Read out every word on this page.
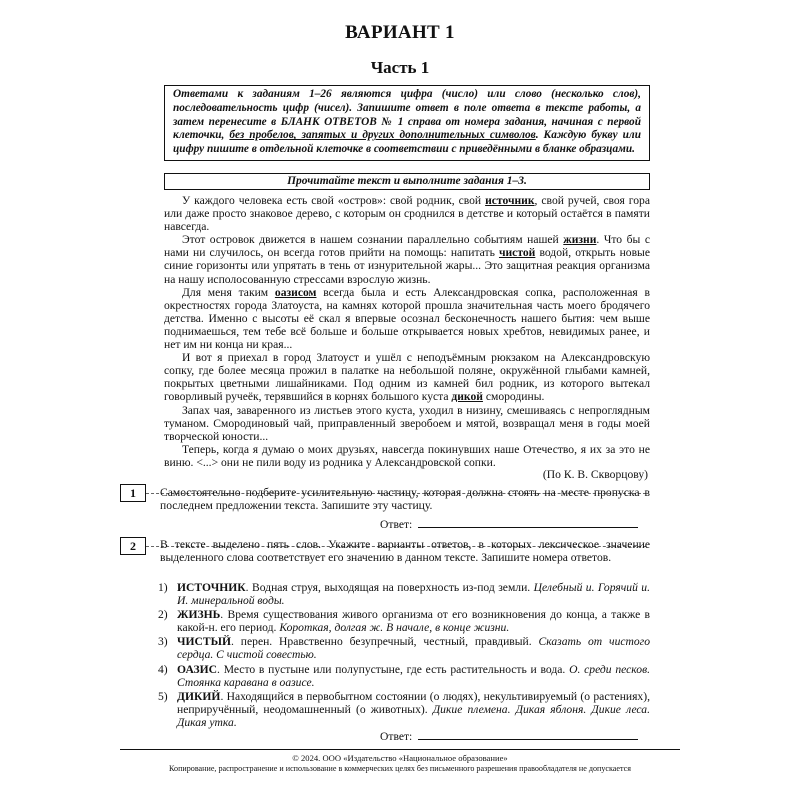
ВАРИАНТ 1
Часть 1
Ответами к заданиям 1–26 являются цифра (число) или слово (несколько слов), последовательность цифр (чисел). Запишите ответ в поле ответа в тексте работы, а затем перенесите в БЛАНК ОТВЕТОВ № 1 справа от номера задания, начиная с первой клеточки, без пробелов, запятых и других дополнительных символов. Каждую букву или цифру пишите в отдельной клеточке в соответствии с приведёнными в бланке образцами.
Прочитайте текст и выполните задания 1–3.

У каждого человека есть свой «остров»: свой родник, свой источник, свой ручей, своя гора или даже просто знаковое дерево, с которым он сроднился в детстве и который остаётся в памяти навсегда.

Этот островок движется в нашем сознании параллельно событиям нашей жизни. Что бы с нами ни случилось, он всегда готов прийти на помощь: напитать чистой водой, открыть новые синие горизонты или упрятать в тень от изнурительной жары... Это защитная реакция организма на нашу исполосованную стрессами взрослую жизнь.

Для меня таким оазисом всегда была и есть Александровская сопка, расположенная в окрестностях города Златоуста, на камнях которой прошла значительная часть моего бродячего детства. Именно с высоты её скал я впервые осознал бесконечность нашего бытия: чем выше поднимаешься, тем тебе всё больше и больше открывается новых хребтов, невидимых ранее, и нет им ни конца ни края...

И вот я приехал в город Златоуст и ушёл с неподъёмным рюкзаком на Александровскую сопку, где более месяца прожил в палатке на небольшой поляне, окружённой глыбами камней, покрытых цветными лишайниками. Под одним из камней бил родник, из которого вытекал говорливый ручеёк, терявшийся в корнях большого куста дикой смородины.

Запах чая, заваренного из листьев этого куста, уходил в низину, смешиваясь с непроглядным туманом. Смородиновый чай, приправленный зверобоем и мятой, возвращал меня в годы моей творческой юности...

Теперь, когда я думаю о моих друзьях, навсегда покинувших наше Отечество, я их за это не виню. <...> они не пили воду из родника у Александровской сопки.

(По К. В. Скворцову)
1	Самостоятельно подберите усилительную частицу, которая должна стоять на месте пропуска в последнем предложении текста. Запишите эту частицу.
Ответ:
2	В тексте выделено пять слов. Укажите варианты ответов, в которых лексическое значение выделенного слова соответствует его значению в данном тексте. Запишите номера ответов.
1) ИСТОЧНИК. Водная струя, выходящая на поверхность из-под земли. Целебный и. Горячий и. И. минеральной воды.
2) ЖИЗНЬ. Время существования живого организма от его возникновения до конца, а также в какой-н. его период. Короткая, долгая ж. В начале, в конце жизни.
3) ЧИСТЫЙ. перен. Нравственно безупречный, честный, правдивый. Сказать от чистого сердца. С чистой совестью.
4) ОАЗИС. Место в пустыне или полупустыне, где есть растительность и вода. О. среди песков. Стоянка каравана в оазисе.
5) ДИКИЙ. Находящийся в первобытном состоянии (о людях), некультивируемый (о растениях), неприручённый, неодомашненный (о животных). Дикие племена. Дикая яблоня. Дикие леса. Дикая утка.
Ответ:
© 2024. ООО «Издательство «Национальное образование»
Копирование, распространение и использование в коммерческих целях без письменного разрешения правообладателя не допускается
